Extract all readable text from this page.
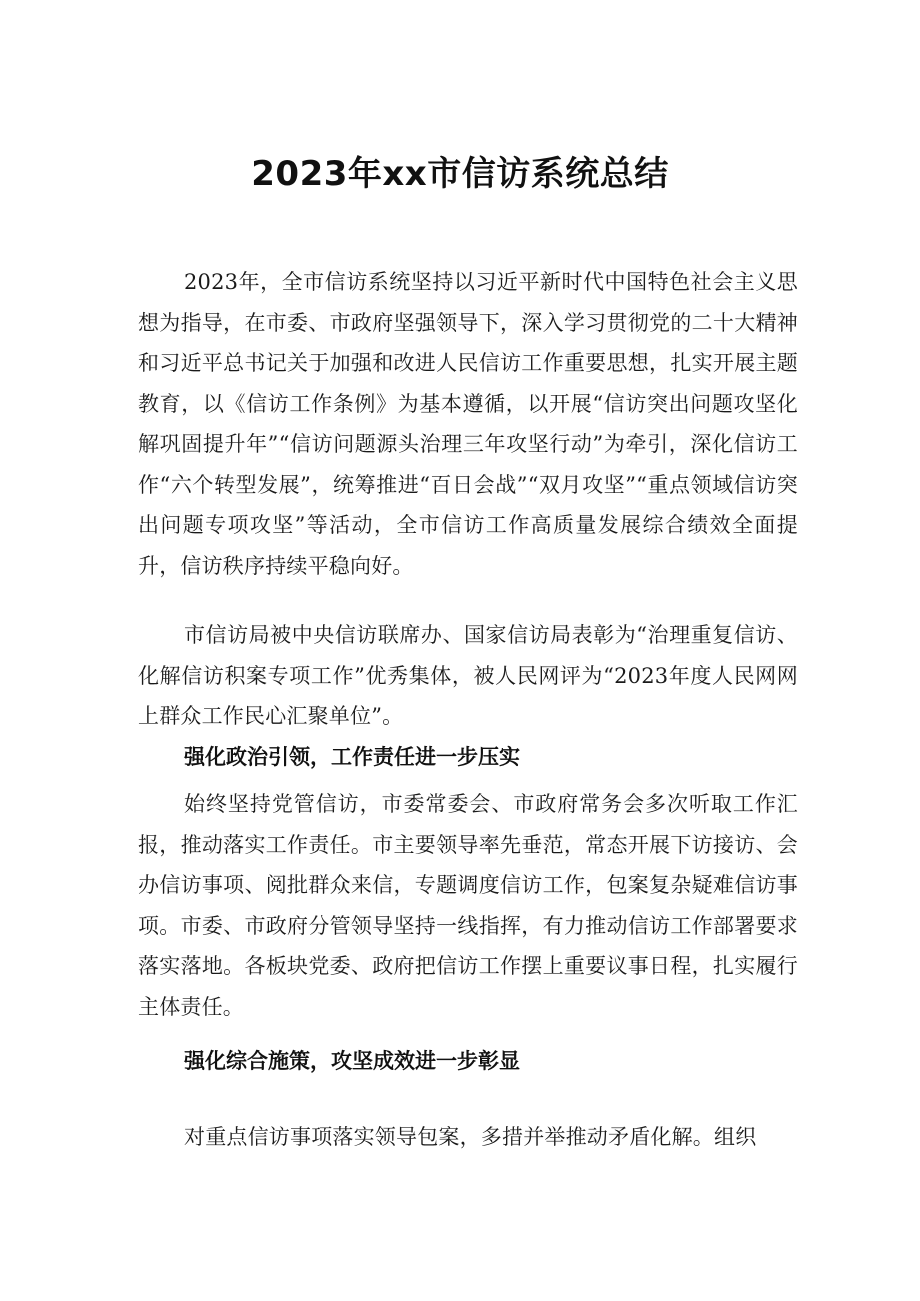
2023年xx市信访系统总结

2023年，全市信访系统坚持以习近平新时代中国特色社会主义思想为指导，在市委、市政府坚强领导下，深入学习贯彻党的二十大精神和习近平总书记关于加强和改进人民信访工作重要思想，扎实开展主题教育，以《信访工作条例》为基本遵循，以开展“信访突出问题攻坚化解巩固提升年”“信访问题源头治理三年攻坚行动”为牵引，深化信访工作“六个转型发展”，统筹推进“百日会战”“双月攻坚”“重点领域信访突出问题专项攻坚”等活动，全市信访工作高质量发展综合绩效全面提升，信访秩序持续平稳向好。

市信访局被中央信访联席办、国家信访局表彰为“治理重复信访、化解信访积案专项工作”优秀集体，被人民网评为“2023年度人民网网上群众工作民心汇聚单位”。

强化政治引领，工作责任进一步压实

始终坚持党管信访，市委常委会、市政府常务会多次听取工作汇报，推动落实工作责任。市主要领导率先垂范，常态开展下访接访、会办信访事项、阅批群众来信，专题调度信访工作，包案复杂疑难信访事项。市委、市政府分管领导坚持一线指挥，有力推动信访工作部署要求落实落地。各板块党委、政府把信访工作摆上重要议事日程，扎实履行主体责任。

强化综合施策，攻坚成效进一步彰显

对重点信访事项落实领导包案，多措并举推动矛盾化解。组织
